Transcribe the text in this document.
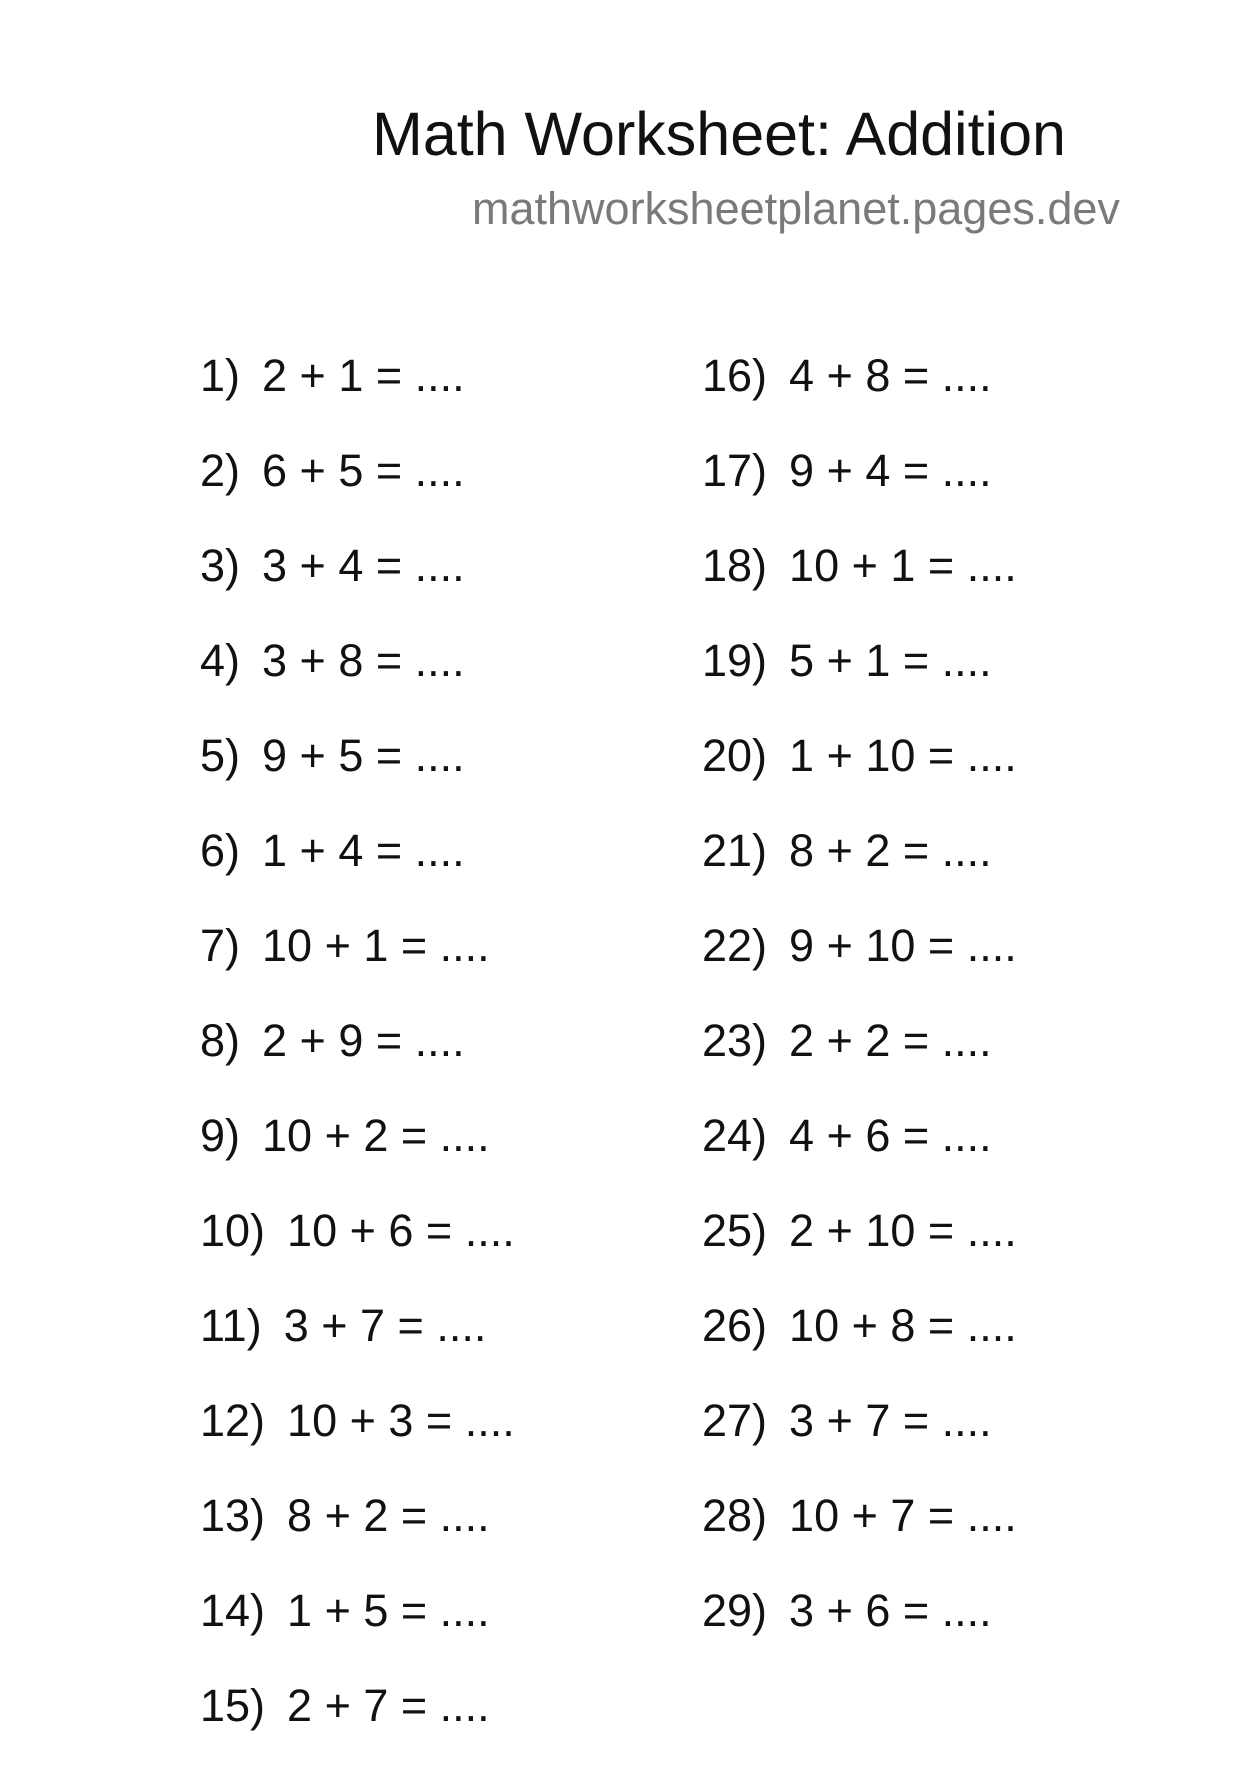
Math Worksheet: Addition
mathworksheetplanet.pages.dev
1) 2 + 1 = ....
2) 6 + 5 = ....
3) 3 + 4 = ....
4) 3 + 8 = ....
5) 9 + 5 = ....
6) 1 + 4 = ....
7) 10 + 1 = ....
8) 2 + 9 = ....
9) 10 + 2 = ....
10) 10 + 6 = ....
11) 3 + 7 = ....
12) 10 + 3 = ....
13) 8 + 2 = ....
14) 1 + 5 = ....
15) 2 + 7 = ....
16) 4 + 8 = ....
17) 9 + 4 = ....
18) 10 + 1 = ....
19) 5 + 1 = ....
20) 1 + 10 = ....
21) 8 + 2 = ....
22) 9 + 10 = ....
23) 2 + 2 = ....
24) 4 + 6 = ....
25) 2 + 10 = ....
26) 10 + 8 = ....
27) 3 + 7 = ....
28) 10 + 7 = ....
29) 3 + 6 = ....
